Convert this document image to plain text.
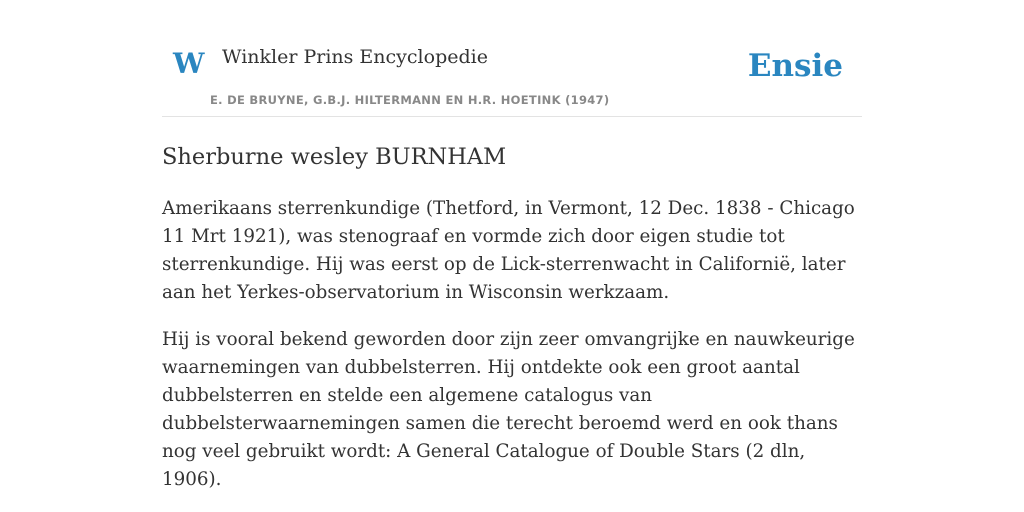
W Winkler Prins Encyclopedie
E. DE BRUYNE, G.B.J. HILTERMANN EN H.R. HOETINK (1947)
Ensie
Sherburne wesley BURNHAM

Amerikaans sterrenkundige (Thetford, in Vermont, 12 Dec. 1838 - Chicago 11 Mrt 1921), was stenograaf en vormde zich door eigen studie tot sterrenkundige. Hij was eerst op de Lick-sterrenwacht in Californië, later aan het Yerkes-observatorium in Wisconsin werkzaam.

Hij is vooral bekend geworden door zijn zeer omvangrijke en nauwkeurige waarnemingen van dubbelsterren. Hij ontdekte ook een groot aantal dubbelsterren en stelde een algemene catalogus van dubbelsterwaarnemingen samen die terecht beroemd werd en ook thans nog veel gebruikt wordt: A General Catalogue of Double Stars (2 dln, 1906).
